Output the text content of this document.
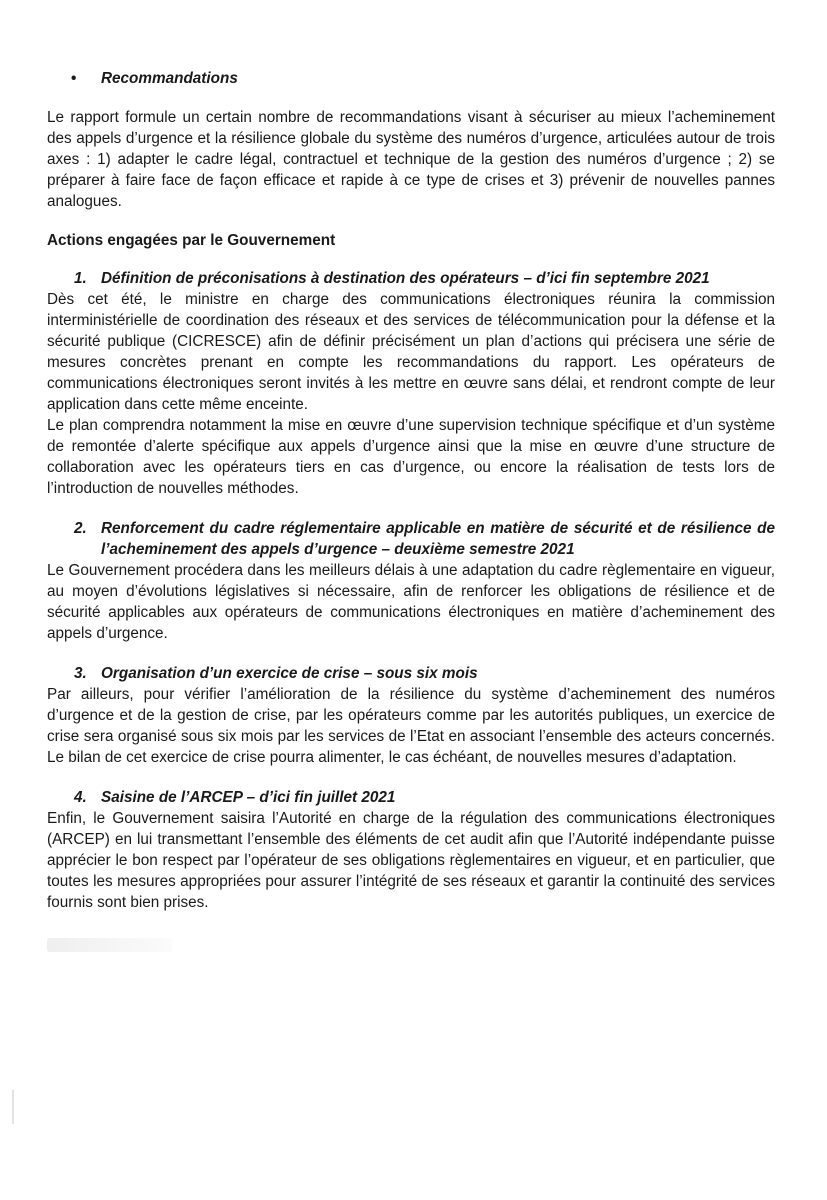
•	Recommandations

Le rapport formule un certain nombre de recommandations visant à sécuriser au mieux l’acheminement des appels d’urgence et la résilience globale du système des numéros d’urgence, articulées autour de trois axes : 1) adapter le cadre légal, contractuel et technique de la gestion des numéros d’urgence ; 2) se préparer à faire face de façon efficace et rapide à ce type de crises et 3) prévenir de nouvelles pannes analogues.

Actions engagées par le Gouvernement
1. Définition de préconisations à destination des opérateurs – d’ici fin septembre 2021

Dès cet été, le ministre en charge des communications électroniques réunira la commission interministérielle de coordination des réseaux et des services de télécommunication pour la défense et la sécurité publique (CICRESCE) afin de définir précisément un plan d’actions qui précisera une série de mesures concrètes prenant en compte les recommandations du rapport. Les opérateurs de communications électroniques seront invités à les mettre en œuvre sans délai, et rendront compte de leur application dans cette même enceinte.

Le plan comprendra notamment la mise en œuvre d’une supervision technique spécifique et d’un système de remontée d’alerte spécifique aux appels d’urgence ainsi que la mise en œuvre d’une structure de collaboration avec les opérateurs tiers en cas d’urgence, ou encore la réalisation de tests lors de l’introduction de nouvelles méthodes.

2. Renforcement du cadre réglementaire applicable en matière de sécurité et de résilience de l’acheminement des appels d’urgence – deuxième semestre 2021

Le Gouvernement procédera dans les meilleurs délais à une adaptation du cadre règlementaire en vigueur, au moyen d’évolutions législatives si nécessaire, afin de renforcer les obligations de résilience et de sécurité applicables aux opérateurs de communications électroniques en matière d’acheminement des appels d’urgence.

3. Organisation d’un exercice de crise – sous six mois

Par ailleurs, pour vérifier l’amélioration de la résilience du système d’acheminement des numéros d’urgence et de la gestion de crise, par les opérateurs comme par les autorités publiques, un exercice de crise sera organisé sous six mois par les services de l’Etat en associant l’ensemble des acteurs concernés. Le bilan de cet exercice de crise pourra alimenter, le cas échéant, de nouvelles mesures d’adaptation.

4. Saisine de l’ARCEP – d’ici fin juillet 2021

Enfin, le Gouvernement saisira l’Autorité en charge de la régulation des communications électroniques (ARCEP) en lui transmettant l’ensemble des éléments de cet audit afin que l’Autorité indépendante puisse apprécier le bon respect par l’opérateur de ses obligations règlementaires en vigueur, et en particulier, que toutes les mesures appropriées pour assurer l’intégrité de ses réseaux et garantir la continuité des services fournis sont bien prises.
